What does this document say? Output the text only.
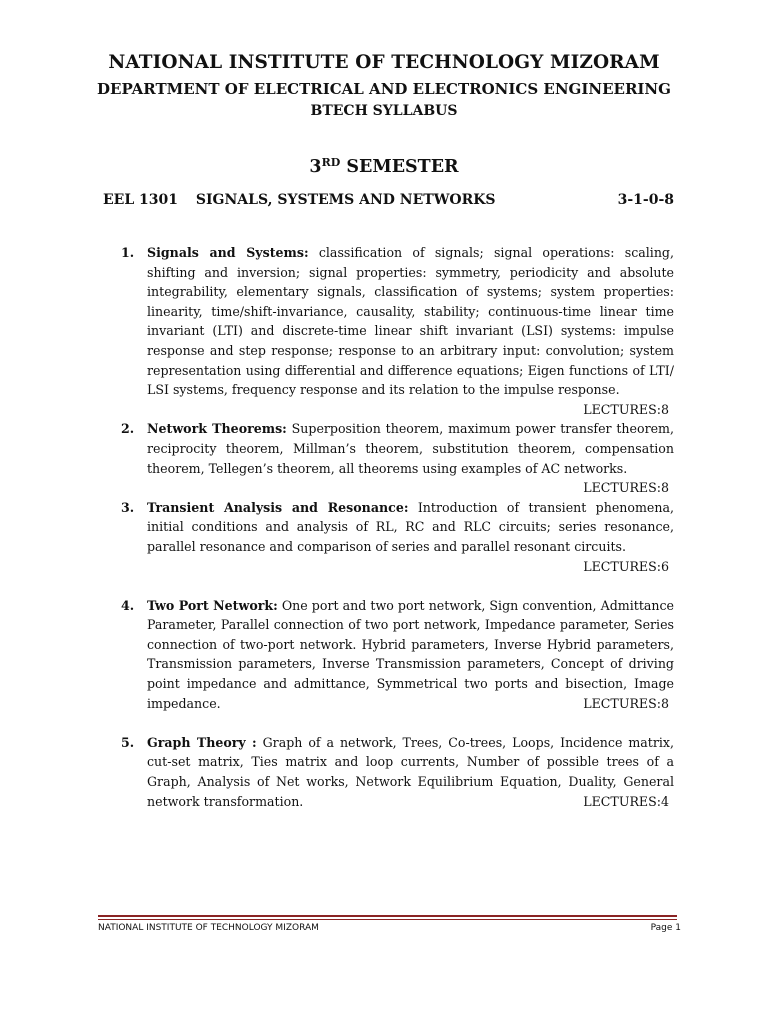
NATIONAL INSTITUTE OF TECHNOLOGY MIZORAM
DEPARTMENT OF ELECTRICAL AND ELECTRONICS ENGINEERING
BTECH SYLLABUS
3RD SEMESTER
EEL 1301 SIGNALS, SYSTEMS AND NETWORKS	3-1-0-8
1. Signals and Systems: classification of signals; signal operations: scaling, shifting and inversion; signal properties: symmetry, periodicity and absolute integrability, elementary signals, classification of systems; system properties: linearity, time/shift-invariance, causality, stability; continuous-time linear time invariant (LTI) and discrete-time linear shift invariant (LSI) systems: impulse response and step response; response to an arbitrary input: convolution; system representation using differential and difference equations; Eigen functions of LTI/ LSI systems, frequency response and its relation to the impulse response.
LECTURES:8
2. Network Theorems: Superposition theorem, maximum power transfer theorem, reciprocity theorem, Millman’s theorem, substitution theorem, compensation theorem, Tellegen’s theorem, all theorems using examples of AC networks.
LECTURES:8
3. Transient Analysis and Resonance: Introduction of transient phenomena, initial conditions and analysis of RL, RC and RLC circuits; series resonance, parallel resonance and comparison of series and parallel resonant circuits.
LECTURES:6
4. Two Port Network: One port and two port network, Sign convention, Admittance Parameter, Parallel connection of two port network, Impedance parameter, Series connection of two-port network. Hybrid parameters, Inverse Hybrid parameters, Transmission parameters, Inverse Transmission parameters, Concept of driving point impedance and admittance, Symmetrical two ports and bisection, Image impedance.	LECTURES:8
5. Graph Theory : Graph of a network, Trees, Co-trees, Loops, Incidence matrix, cut-set matrix, Ties matrix and loop currents, Number of possible trees of a Graph, Analysis of Net works, Network Equilibrium Equation, Duality, General network transformation.	LECTURES:4
NATIONAL INSTITUTE OF TECHNOLOGY MIZORAM	Page 1
